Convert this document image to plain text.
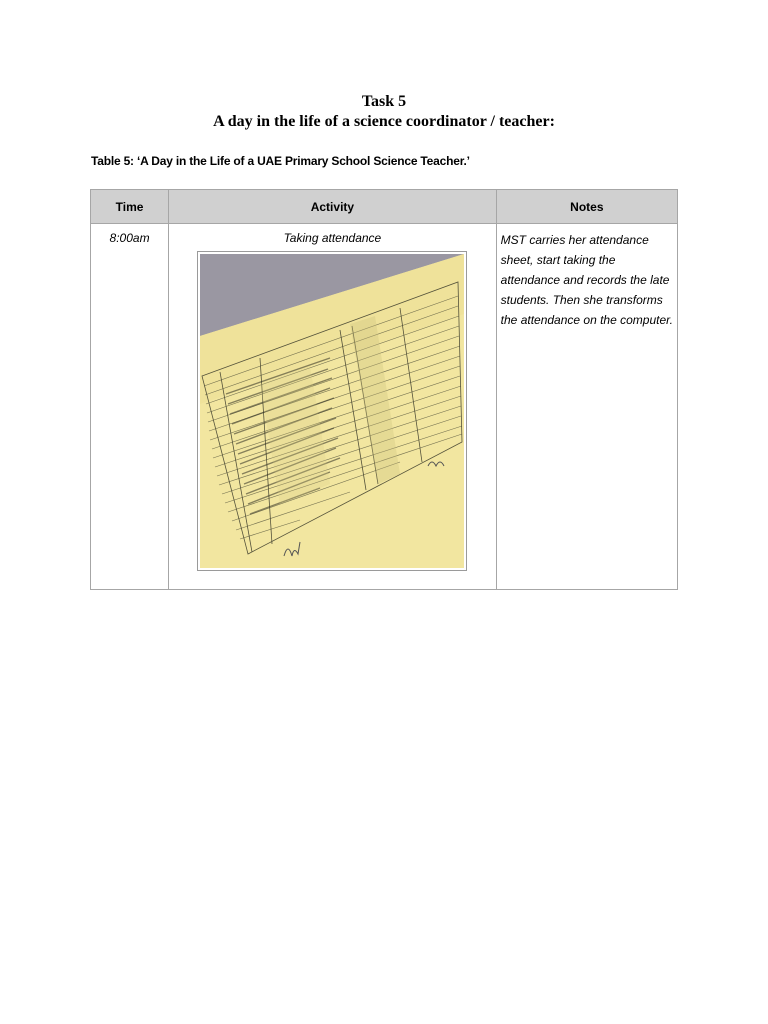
Task 5
A day in the life of a science coordinator / teacher:
Table 5: ‘A Day in the Life of a UAE Primary School Science Teacher.’
Time	Activity	Notes
8:00am	Taking attendance	MST carries her attendance sheet, start taking the attendance and records the late students. Then she transforms the attendance on the computer.
